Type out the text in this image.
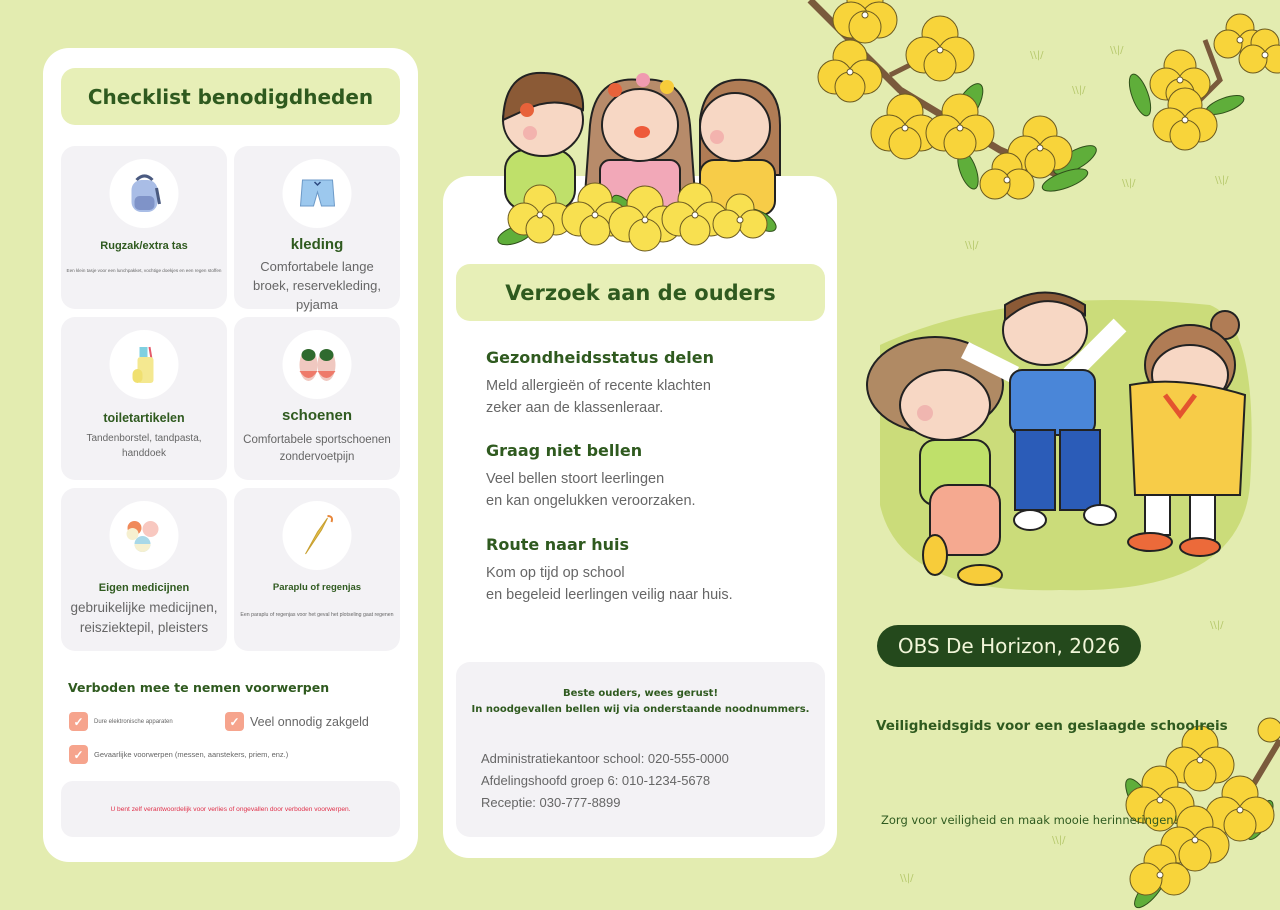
\\|/	\\|/
\\|/
\\|/	\\|/
\\|/
\\|/
\\|/
\\|/
Checklist benodigdheden
Rugzak/extra tas
Een klein tasje voor een lunchpakket, vochtige doekjes en een regen stoffen
kleding
Comfortabele lange broek, reservekleding, pyjama
toiletartikelen
Tandenborstel, tandpasta, handdoek
schoenen
Comfortabele sportschoenen zondervoetpijn
Eigen medicijnen
gebruikelijke medicijnen, reisziektepil, pleisters
Paraplu of regenjas
Een paraplu of regenjas voor het geval het plotseling gaat regenen
Verboden mee te nemen voorwerpen
✓	Dure elektronische apparaten	✓ Veel onnodig zakgeld
✓	Gevaarlijke voorwerpen (messen, aanstekers, priem, enz.)
U bent zelf verantwoordelijk voor verlies of ongevallen door verboden voorwerpen.
Verzoek aan de ouders
Gezondheidsstatus delen

Meld allergieën of recente klachten

zeker aan de klassenleraar.

Graag niet bellen

Veel bellen stoort leerlingen

en kan ongelukken veroorzaken.

Route naar huis

Kom op tijd op school

en begeleid leerlingen veilig naar huis.

Beste ouders, wees gerust!
In noodgevallen bellen wij via onderstaande noodnummers.
Administratiekantoor school: 020-555-0000
Afdelingshoofd groep 6: 010-1234-5678
Receptie: 030-777-8899
OBS De Horizon, 2026
Veiligheidsgids voor een geslaagde schoolreis
Zorg voor veiligheid en maak mooie herinneringen!
